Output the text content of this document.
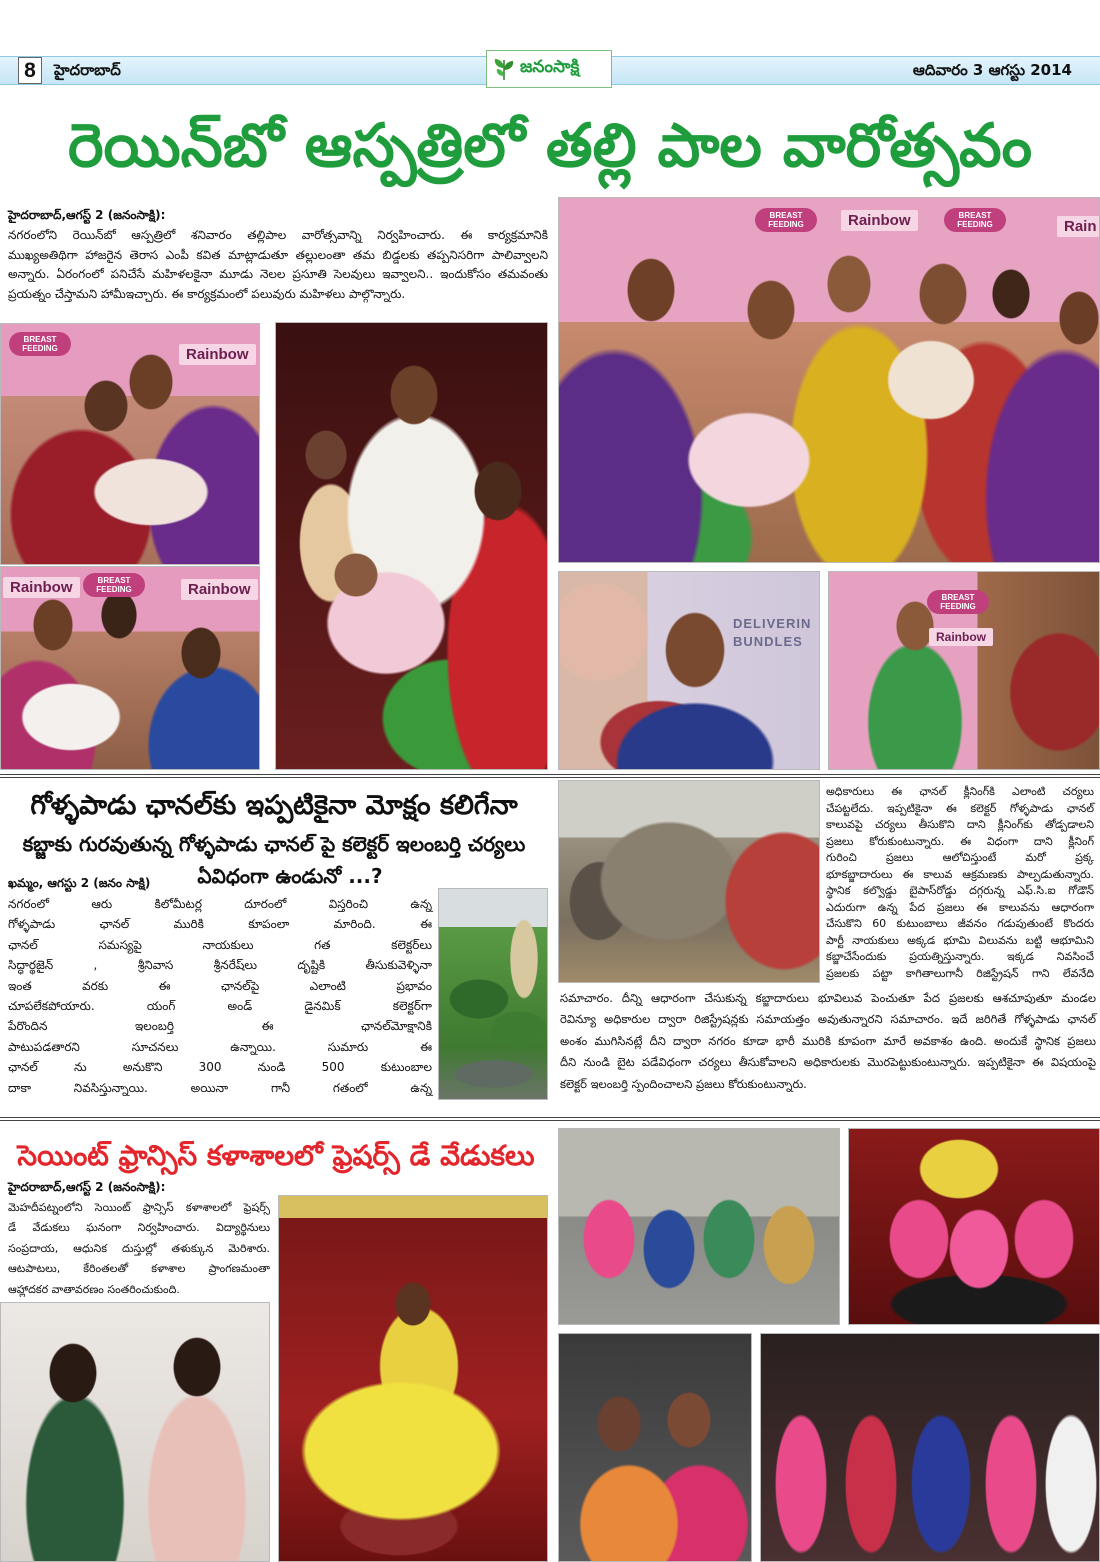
8	హైదరాబాద్	జనంసాక్షి	ఆదివారం 3 ఆగస్టు 2014
రెయిన్‌బో ఆస్పత్రిలో తల్లి పాల వారోత్సవం
హైదరాబాద్,ఆగస్ట్ 2 (జనంసాక్షి):
నగరంలోని రెయిన్‌బో ఆస్పత్రిలో శనివారం తల్లిపాల వారోత్సవాన్ని నిర్వహించారు. ఈ కార్యక్రమానికి
ముఖ్యఅతిథిగా హాజరైన తెరాస ఎంపీ కవిత మాట్లాడుతూ తల్లులంతా తమ బిడ్డలకు తప్పనిసరిగా పాలివ్వాలని
అన్నారు. ఏరంగంలో పనిచేసే మహిళలకైనా మూడు నెలల ప్రసూతి సెలవులు ఇవ్వాలని.. ఇందుకోసం తమవంతు
ప్రయత్నం చేస్తామని హామీఇచ్చారు. ఈ కార్యక్రమంలో పలువురు మహిళలు పాల్గొన్నారు.
BREAST FEEDING	Rainbow	BREAST FEEDING	Rain
BREAST FEEDING	Rainbow
Rainbow	BREAST FEEDING	Rainbow
DELIVERIN
BUNDLES
BREAST FEEDING
Rainbow
గోళ్ళపాడు ఛానల్‌కు ఇప్పటికైనా మోక్షం కలిగేనా
కబ్జాకు గురవుతున్న గోళ్ళపాడు ఛానల్ పై కలెక్టర్ ఇలంబర్తి చర్యలు
ఏవిధంగా ఉండునో ...?
ఖమ్మం, ఆగస్టు 2 (జనం సాక్షి)
నగరంలో ఆరు కిలోమీటర్ల దూరంలో విస్తరించి ఉన్న
గోళ్ళపాడు ఛానల్ మురికి కూపంలా మారింది. ఈ
ఛానల్ సమస్యపై నాయకులు గత కలెక్టర్‌లు
సిద్ధార్థజైన్ , శ్రీనివాస శ్రీనరేష్‌లు దృష్టికి తీసుకువెళ్ళినా
ఇంత వరకు ఈ ఛానల్‌పై ఎలాంటి ప్రభావం
చూపలేకపోయారు. యంగ్ అండ్ డైనమిక్ కలెక్టర్‌గా
పేరొందిన ఇలంబర్తి ఈ ఛానల్‌మోక్షానికి
పాటుపడతారని సూచనలు ఉన్నాయి. సుమారు ఈ
ఛానల్ ను అనుకొని 300 నుండి 500 కుటుంబాల
దాకా నివసిస్తున్నాయి. అయినా గానీ గతంలో ఉన్న
అధికారులు ఈ ఛానల్ క్లీనింగ్‌కి ఎలాంటి చర్యలు
చేపట్టలేదు. ఇప్పటికైనా ఈ కలెక్టర్ గోళ్ళపాడు ఛానల్
కాలువపై చర్యలు తీసుకొని దాని క్లీనింగ్‌కు తోడ్పడాలని
ప్రజలు కోరుకుంటున్నారు. ఈ విధంగా దాని క్లీనింగ్
గురించి ప్రజలు ఆలోచిస్తుంటే మరో ప్రక్క
భూకబ్జాదారులు ఈ కాలువ ఆక్రమణకు పాల్పడుతున్నారు.
స్థానిక కల్వొడ్డు బైపాస్‌రోడ్డు దగ్గరున్న ఎఫ్.సి.ఐ గోడౌన్
ఎదురుగా ఉన్న పేద ప్రజలు ఈ కాలువను ఆధారంగా
చేసుకొని 60 కుటుంబాలు జీవనం గడుపుతుంటే కొందరు
పార్టీ నాయకులు అక్కడ భూమి విలువను బట్టి ఆభూమిని
కబ్జాచేసేందుకు ప్రయత్నిస్తున్నారు. ఇక్కడ నివసించే
ప్రజలకు పట్టా కాగితాలుగానీ రిజిస్ట్రేషన్ గాని లేవనేది
సమాచారం. దీన్ని ఆధారంగా చేసుకున్న కబ్జాదారులు భూవిలువ పెంచుతూ పేద ప్రజలకు ఆశచూపుతూ మండల
రెవిన్యూ అధికారుల ద్వారా రిజిస్ట్రేషన్లకు సమాయత్తం అవుతున్నారని సమాచారం. ఇదే జరిగితే గోళ్ళపాడు ఛానల్
అంశం ముగిసినట్లే దీని ద్వారా నగరం కూడా భారీ మురికి కూపంగా మారే అవకాశం ఉంది. అందుకే స్థానిక ప్రజలు
దీని నుండి బైట పడేవిధంగా చర్యలు తీసుకోవాలని అధికారులకు మొరపెట్టుకుంటున్నారు. ఇప్పటికైనా ఈ విషయంపై
కలెక్టర్ ఇలంబర్తి స్పందించాలని ప్రజలు కోరుకుంటున్నారు.
సెయింట్ ఫ్రాన్సిస్ కళాశాలలో ఫ్రెషర్స్ డే వేడుకలు
హైదరాబాద్,ఆగస్ట్ 2 (జనంసాక్షి):
మెహదీపట్నంలోని సెయింట్ ఫ్రాన్సిస్ కళాశాలలో ఫ్రెషర్స్
డే వేడుకలు ఘనంగా నిర్వహించారు. విద్యార్థినులు
సంప్రదాయ, ఆధునిక దుస్తుల్లో తళుక్కున మెరిశారు.
ఆటపాటలు, కేరింతలతో కళాశాల ప్రాంగణమంతా
ఆహ్లాదకర వాతావరణం సంతరించుకుంది.
